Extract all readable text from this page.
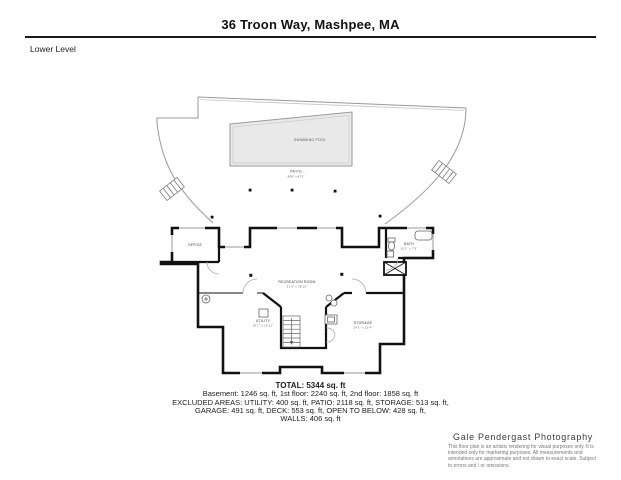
36 Troon Way, Mashpee, MA
Lower Level
SWIMMING POOL
PATIO
45'8" x 47'1"
OFFICE	BATH
10'1" x 7'9"
RECREATION ROOM
31'4" x 28'10"
UTILITY
20'1" x 19'11"
STORAGE
24'1" x 21'4"
TOTAL: 5344 sq. ft
Basement: 1246 sq. ft, 1st floor: 2240 sq. ft, 2nd floor: 1858 sq. ft
EXCLUDED AREAS: UTILITY: 400 sq. ft, PATIO: 2118 sq. ft, STORAGE: 513 sq. ft,
GARAGE: 491 sq. ft, DECK: 553 sq. ft, OPEN TO BELOW: 428 sq. ft,
WALLS: 406 sq. ft

Gale Pendergast Photography

This floor plan is an artistic rendering for visual purposes only. It is intended only for marketing purposes. All measurements and annotations are approximate and not drawn to exact scale. Subject to errors and / or omissions.
